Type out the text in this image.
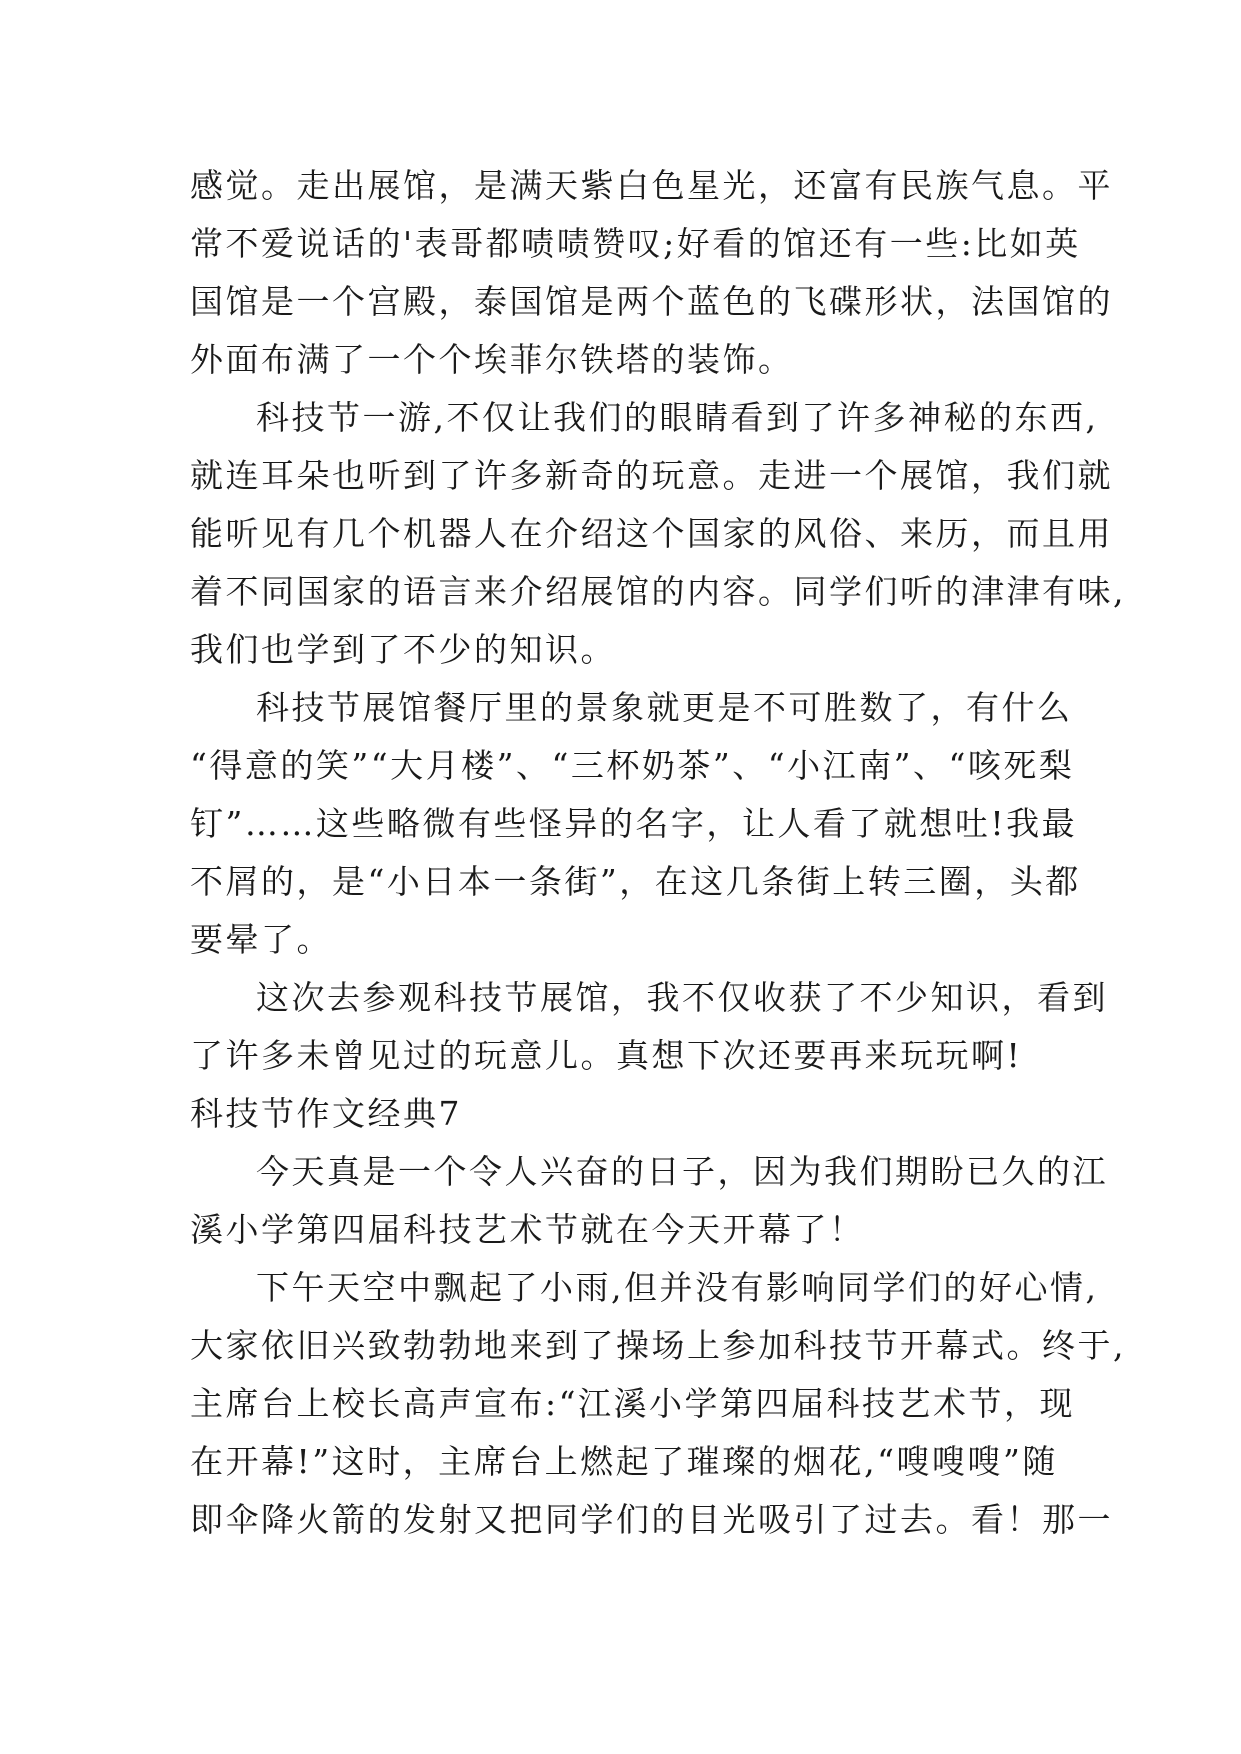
感觉。走出展馆，是满天紫白色星光，还富有民族气息。平
常不爱说话的'表哥都啧啧赞叹;好看的馆还有一些:比如英
国馆是一个宫殿，泰国馆是两个蓝色的飞碟形状，法国馆的
外面布满了一个个埃菲尔铁塔的装饰。
科技节一游,不仅让我们的眼睛看到了许多神秘的东西,
就连耳朵也听到了许多新奇的玩意。走进一个展馆，我们就
能听见有几个机器人在介绍这个国家的风俗、来历，而且用
着不同国家的语言来介绍展馆的内容。同学们听的津津有味,
我们也学到了不少的知识。
科技节展馆餐厅里的景象就更是不可胜数了，有什么
“得意的笑”“大月楼”、“三杯奶茶”、“小江南”、“咳死梨
钉”……这些略微有些怪异的名字，让人看了就想吐!我最
不屑的，是“小日本一条街”，在这几条街上转三圈，头都
要晕了。
这次去参观科技节展馆，我不仅收获了不少知识，看到
了许多未曾见过的玩意儿。真想下次还要再来玩玩啊!
科技节作文经典7
今天真是一个令人兴奋的日子，因为我们期盼已久的江
溪小学第四届科技艺术节就在今天开幕了！
下午天空中飘起了小雨,但并没有影响同学们的好心情,
大家依旧兴致勃勃地来到了操场上参加科技节开幕式。终于,
主席台上校长高声宣布:“江溪小学第四届科技艺术节，现
在开幕!”这时，主席台上燃起了璀璨的烟花,“嗖嗖嗖”随
即伞降火箭的发射又把同学们的目光吸引了过去。看！那一
